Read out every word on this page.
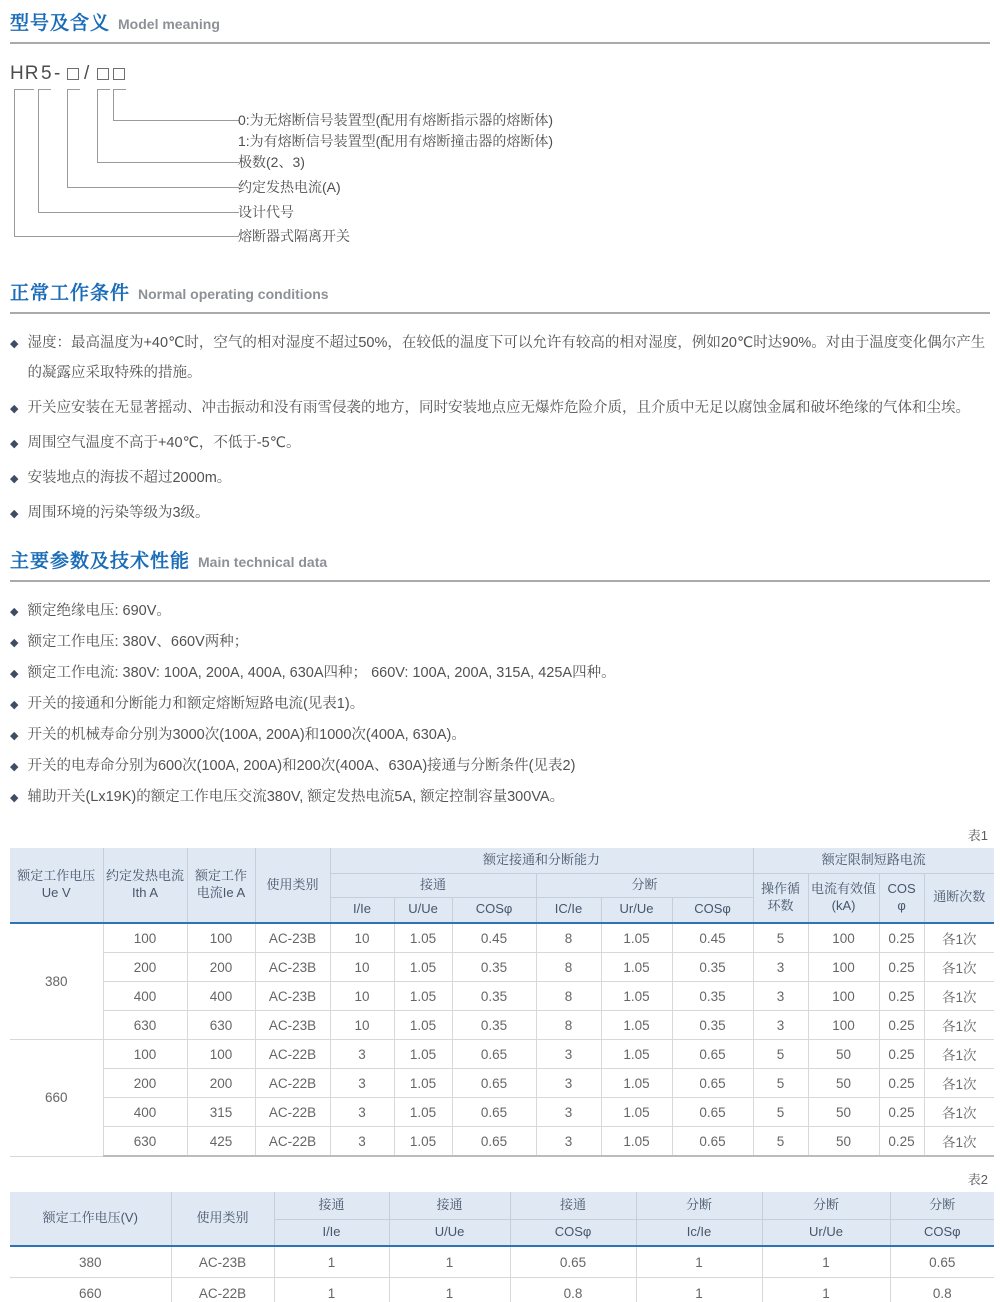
型号及含义 Model meaning
HR 5 - /
0:为无熔断信号装置型(配用有熔断指示器的熔断体)
1:为有熔断信号装置型(配用有熔断撞击器的熔断体)
极数(2、3)
约定发热电流(A)
设计代号
熔断器式隔离开关
正常工作条件 Normal operating conditions
◆ 湿度：最高温度为+40℃时，空气的相对湿度不超过50%，在较低的温度下可以允许有较高的相对湿度，例如20℃时达90%。对由于温度变化偶尔产生的凝露应采取特殊的措施。
◆ 开关应安装在无显著摇动、冲击振动和没有雨雪侵袭的地方，同时安装地点应无爆炸危险介质，且介质中无足以腐蚀金属和破坏绝缘的气体和尘埃。
◆ 周围空气温度不高于+40℃，不低于-5℃。
◆ 安装地点的海拔不超过2000m。
◆ 周围环境的污染等级为3级。
主要参数及技术性能 Main technical data
◆ 额定绝缘电压: 690V。
◆ 额定工作电压: 380V、660V两种；
◆ 额定工作电流: 380V: 100A, 200A, 400A, 630A四种； 660V: 100A, 200A, 315A, 425A四种。
◆ 开关的接通和分断能力和额定熔断短路电流(见表1)。
◆ 开关的机械寿命分别为3000次(100A, 200A)和1000次(400A, 630A)。
◆ 开关的电寿命分别为600次(100A, 200A)和200次(400A、630A)接通与分断条件(见表2)
◆ 辅助开关(Lx19K)的额定工作电压交流380V, 额定发热电流5A, 额定控制容量300VA。
表1
额定工作电压Ue V	约定发热电流Ith A	额定工作电流Ie A	使用类别	额定接通和分断能力						额定限制短路电流			
				接通			分断			操作循环数	电流有效值(kA)	COS φ	通断次数
				I/Ie	U/Ue	COSφ	IC/Ie	Ur/Ue	COSφ				
380	100	100	AC-23B	10	1.05	0.45	8	1.05	0.45	5	100	0.25	各1次
	200	200	AC-23B	10	1.05	0.35	8	1.05	0.35	3	100	0.25	各1次
	400	400	AC-23B	10	1.05	0.35	8	1.05	0.35	3	100	0.25	各1次
	630	630	AC-23B	10	1.05	0.35	8	1.05	0.35	3	100	0.25	各1次
660	100	100	AC-22B	3	1.05	0.65	3	1.05	0.65	5	50	0.25	各1次
	200	200	AC-22B	3	1.05	0.65	3	1.05	0.65	5	50	0.25	各1次
	400	315	AC-22B	3	1.05	0.65	3	1.05	0.65	5	50	0.25	各1次
	630	425	AC-22B	3	1.05	0.65	3	1.05	0.65	5	50	0.25	各1次
表2
额定工作电压(V)	使用类别	接通	接通	接通	分断	分断	分断
		I/Ie	U/Ue	COSφ	Ic/Ie	Ur/Ue	COSφ
380	AC-23B	1	1	0.65	1	1	0.65
660	AC-22B	1	1	0.8	1	1	0.8
